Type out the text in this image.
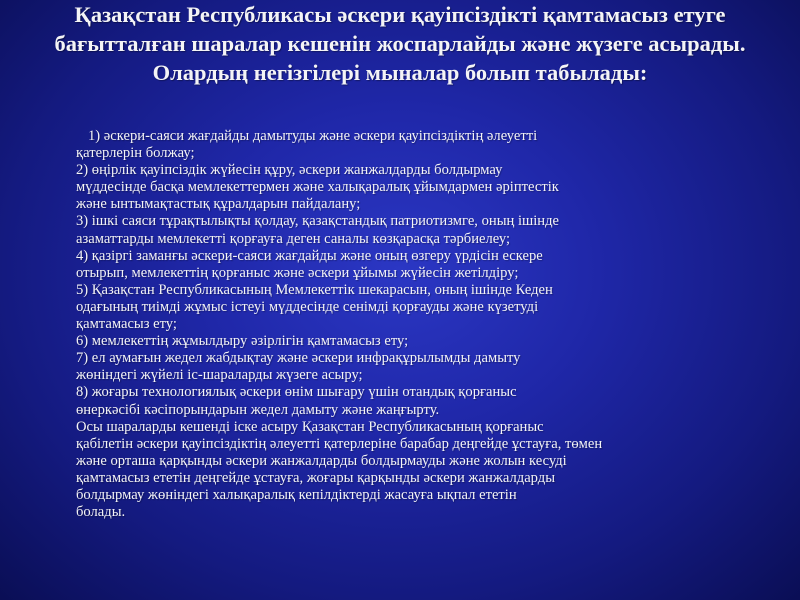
Қазақстан Республикасы әскери қауіпсіздікті қамтамасыз етуге бағытталған шаралар кешенін жоспарлайды және жүзеге асырады. Олардың негізгілері мыналар болып табылады:
1) әскери-саяси жағдайды дамытуды және әскери қауіпсіздіктің әлеуетті
қатерлерін болжау;
2) өңірлік қауіпсіздік жүйесін құру, әскери жанжалдарды болдырмау
мүддесінде басқа мемлекеттермен және халықаралық ұйымдармен әріптестік
және ынтымақтастық құралдарын пайдалану;
3) ішкі саяси тұрақтылықты қолдау, қазақстандық патриотизмге, оның ішінде
азаматтарды мемлекетті қорғауға деген саналы көзқарасқа тәрбиелеу;
4) қазіргі заманғы әскери-саяси жағдайды және оның өзгеру үрдісін ескере
отырып, мемлекеттің қорғаныс және әскери ұйымы жүйесін жетілдіру;
5) Қазақстан Республикасының Мемлекеттік шекарасын, оның ішінде Кеден
одағының тиімді жұмыс істеуі мүддесінде сенімді қорғауды және күзетуді
қамтамасыз ету;
6) мемлекеттің жұмылдыру әзірлігін қамтамасыз ету;
7) ел аумағын жедел жабдықтау және әскери инфрақұрылымды дамыту
жөніндегі жүйелі іс-шараларды жүзеге асыру;
8) жоғары технологиялық әскери өнім шығару үшін отандық қорғаныс
өнеркәсібі кәсіпорындарын жедел дамыту және жаңғырту.
Осы шараларды кешенді іске асыру Қазақстан Республикасының қорғаныс
қабілетін әскери қауіпсіздіктің әлеуетті қатерлеріне барабар деңгейде ұстауға, төмен
және орташа қарқынды әскери жанжалдарды болдырмауды және жолын кесуді
қамтамасыз ететін деңгейде ұстауға, жоғары қарқынды әскери жанжалдарды
болдырмау жөніндегі халықаралық кепілдіктерді жасауға ықпал ететін
болады.
